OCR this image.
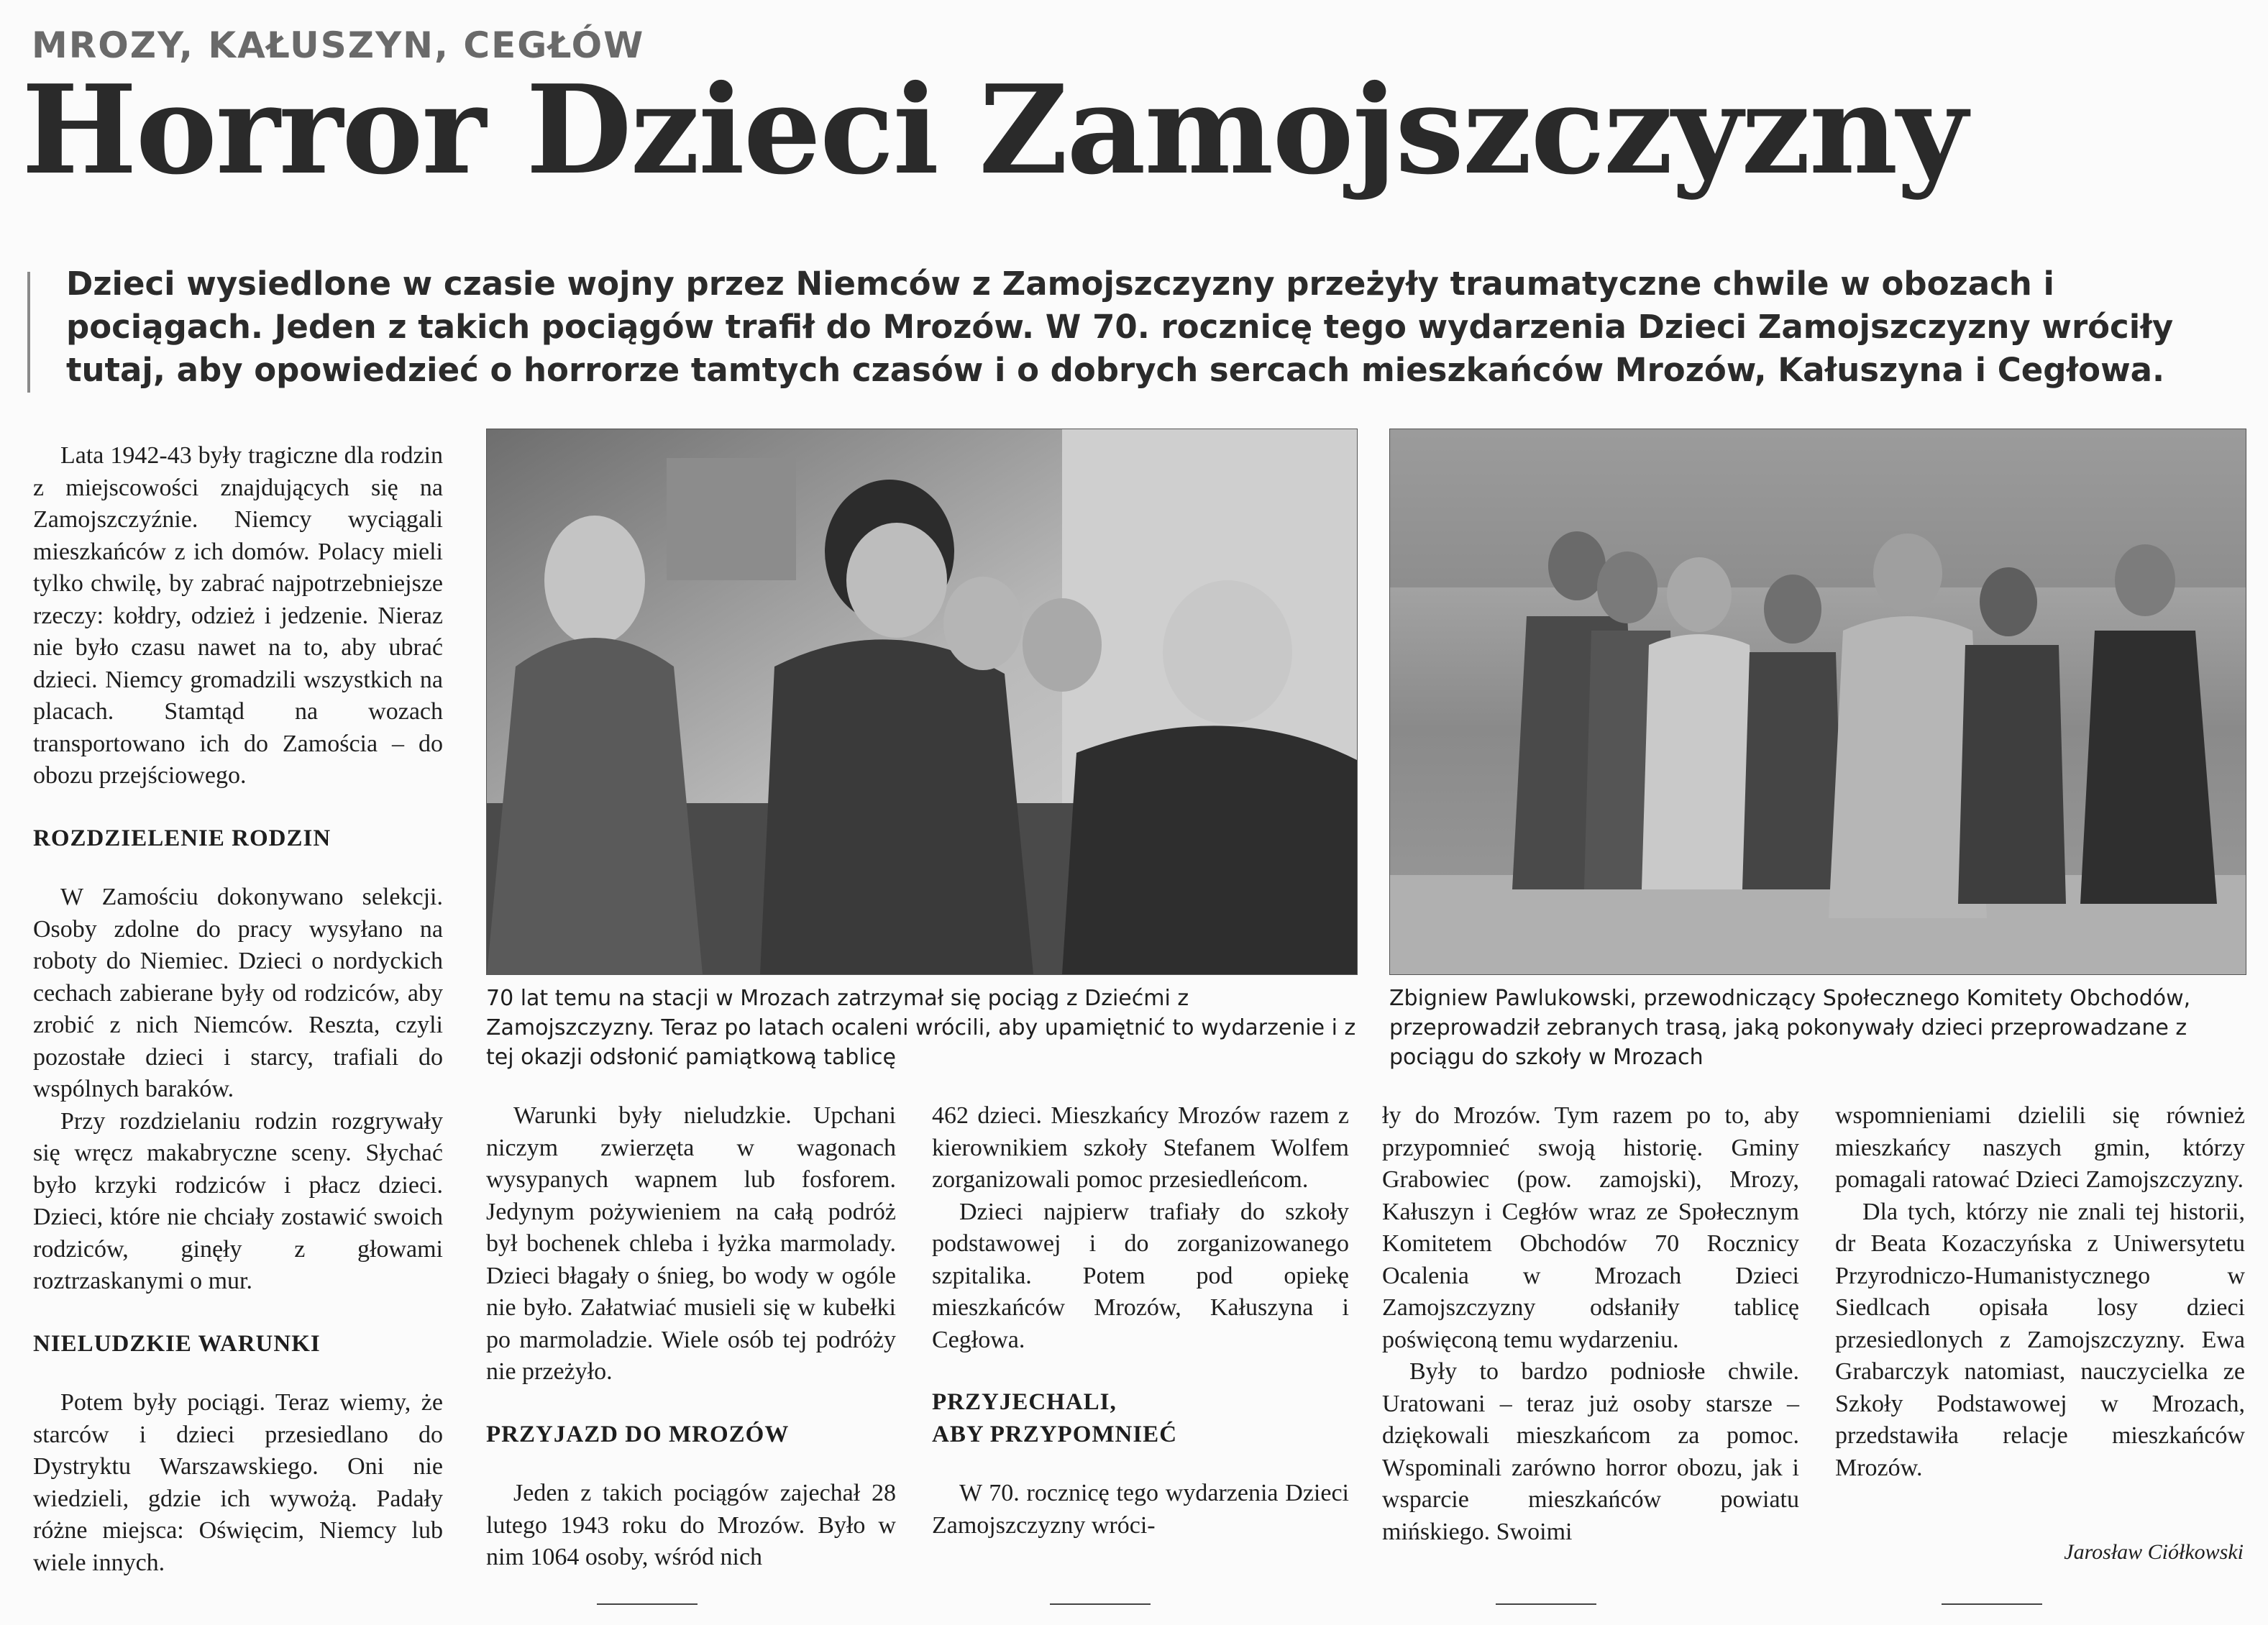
MROZY, KAŁUSZYN, CEGŁÓW
Horror Dzieci Zamojszczyzny
Dzieci wysiedlone w czasie wojny przez Niemców z Zamojszczyzny przeżyły traumatyczne chwile w obozach i pociągach. Jeden z takich pociągów trafił do Mrozów. W 70. rocznicę tego wydarzenia Dzieci Zamojszczyzny wróciły tutaj, aby opowiedzieć o horrorze tamtych czasów i o dobrych sercach mieszkańców Mrozów, Kałuszyna i Cegłowa.

Lata 1942-43 były tragiczne dla rodzin z miejscowości znajdujących się na Zamojszczyźnie. Niemcy wyciągali mieszkańców z ich domów. Polacy mieli tylko chwilę, by zabrać najpotrzebniejsze rzeczy: kołdry, odzież i jedzenie. Nieraz nie było czasu nawet na to, aby ubrać dzieci. Niemcy gromadzili wszystkich na placach. Stamtąd na wozach transportowano ich do Zamościa – do obozu przejściowego.

ROZDZIELENIE RODZIN

W Zamościu dokonywano selekcji. Osoby zdolne do pracy wysyłano na roboty do Niemiec. Dzieci o nordyckich cechach zabierane były od rodziców, aby zrobić z nich Niemców. Reszta, czyli pozostałe dzieci i starcy, trafiali do wspólnych baraków.

Przy rozdzielaniu rodzin rozgrywały się wręcz makabryczne sceny. Słychać było krzyki rodziców i płacz dzieci. Dzieci, które nie chciały zostawić swoich rodziców, ginęły z głowami roztrzaskanymi o mur.

NIELUDZKIE WARUNKI

Potem były pociągi. Teraz wiemy, że starców i dzieci przesiedlano do Dystryktu Warszawskiego. Oni nie wiedzieli, gdzie ich wywożą. Padały różne miejsca: Oświęcim, Niemcy lub wiele innych.

70 lat temu na stacji w Mrozach zatrzymał się pociąg z Dziećmi z Zamojszczyzny. Teraz po latach ocaleni wrócili, aby upamiętnić to wydarzenie i z tej okazji odsłonić pamiątkową tablicę
Zbigniew Pawlukowski, przewodniczący Społecznego Komitety Obchodów, przeprowadził zebranych trasą, jaką pokonywały dzieci przeprowadzane z pociągu do szkoły w Mrozach

Warunki były nieludzkie. Upchani niczym zwierzęta w wagonach wysypanych wapnem lub fosforem. Jedynym pożywieniem na całą podróż był bochenek chleba i łyżka marmolady. Dzieci błagały o śnieg, bo wody w ogóle nie było. Załatwiać musieli się w kubełki po marmoladzie. Wiele osób tej podróży nie przeżyło.

PRZYJAZD DO MROZÓW

Jeden z takich pociągów zajechał 28 lutego 1943 roku do Mrozów. Było w nim 1064 osoby, wśród nich

462 dzieci. Mieszkańcy Mrozów razem z kierownikiem szkoły Stefanem Wolfem zorganizowali pomoc przesiedleńcom.

Dzieci najpierw trafiały do szkoły podstawowej i do zorganizowanego szpitalika. Potem pod opiekę mieszkańców Mrozów, Kałuszyna i Cegłowa.

PRZYJECHALI,
ABY PRZYPOMNIEĆ

W 70. rocznicę tego wydarzenia Dzieci Zamojszczyzny wróci-

ły do Mrozów. Tym razem po to, aby przypomnieć swoją historię. Gminy Grabowiec (pow. zamojski), Mrozy, Kałuszyn i Cegłów wraz ze Społecznym Komitetem Obchodów 70 Rocznicy Ocalenia w Mrozach Dzieci Zamojszczyzny odsłaniły tablicę poświęconą temu wydarzeniu.

Były to bardzo podniosłe chwile. Uratowani – teraz już osoby starsze – dziękowali mieszkańcom za pomoc. Wspominali zarówno horror obozu, jak i wsparcie mieszkańców powiatu mińskiego. Swoimi

wspomnieniami dzielili się również mieszkańcy naszych gmin, którzy pomagali ratować Dzieci Zamojszczyzny.

Dla tych, którzy nie znali tej historii, dr Beata Kozaczyńska z Uniwersytetu Przyrodniczo-Humanistycznego w Siedlcach opisała losy dzieci przesiedlonych z Zamojszczyzny. Ewa Grabarczyk natomiast, nauczycielka ze Szkoły Podstawowej w Mrozach, przedstawiła relacje mieszkańców Mrozów.

Jarosław Ciółkowski
